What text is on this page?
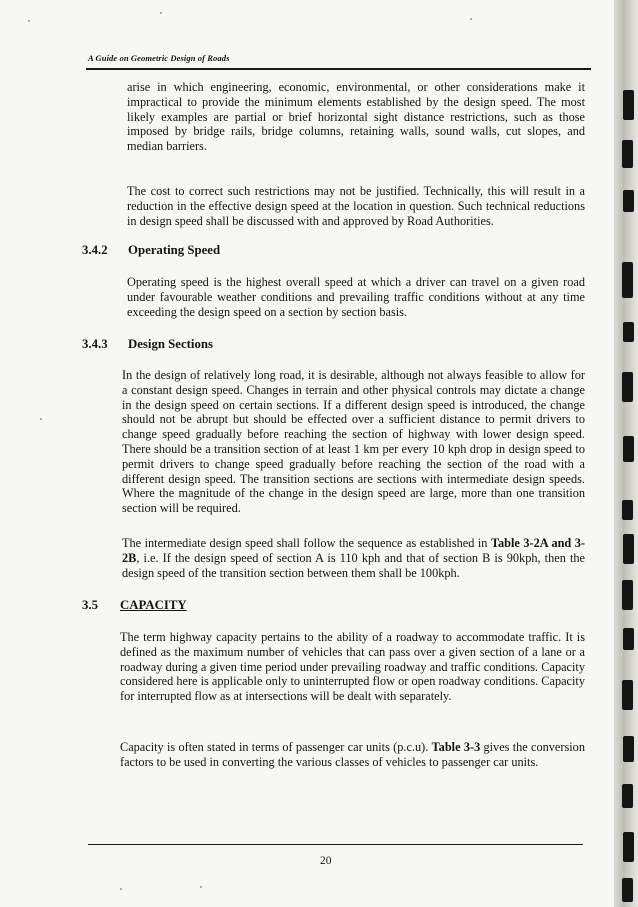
A Guide on Geometric Design of Roads

arise in which engineering, economic, environmental, or other considerations make it impractical to provide the minimum elements established by the design speed. The most likely examples are partial or brief horizontal sight distance restrictions, such as those imposed by bridge rails, bridge columns, retaining walls, sound walls, cut slopes, and median barriers.

The cost to correct such restrictions may not be justified. Technically, this will result in a reduction in the effective design speed at the location in question. Such technical reductions in design speed shall be discussed with and approved by Road Authorities.

3.4.2 Operating Speed

Operating speed is the highest overall speed at which a driver can travel on a given road under favourable weather conditions and prevailing traffic conditions without at any time exceeding the design speed on a section by section basis.

3.4.3 Design Sections

In the design of relatively long road, it is desirable, although not always feasible to allow for a constant design speed. Changes in terrain and other physical controls may dictate a change in the design speed on certain sections. If a different design speed is introduced, the change should not be abrupt but should be effected over a sufficient distance to permit drivers to change speed gradually before reaching the section of highway with lower design speed. There should be a transition section of at least 1 km per every 10 kph drop in design speed to permit drivers to change speed gradually before reaching the section of the road with a different design speed. The transition sections are sections with intermediate design speeds. Where the magnitude of the change in the design speed are large, more than one transition section will be required.

The intermediate design speed shall follow the sequence as established in Table 3-2A and 3-2B, i.e. If the design speed of section A is 110 kph and that of section B is 90kph, then the design speed of the transition section between them shall be 100kph.

3.5 CAPACITY

The term highway capacity pertains to the ability of a roadway to accommodate traffic. It is defined as the maximum number of vehicles that can pass over a given section of a lane or a roadway during a given time period under prevailing roadway and traffic conditions. Capacity considered here is applicable only to uninterrupted flow or open roadway conditions. Capacity for interrupted flow as at intersections will be dealt with separately.

Capacity is often stated in terms of passenger car units (p.c.u). Table 3-3 gives the conversion factors to be used in converting the various classes of vehicles to passenger car units.

20
